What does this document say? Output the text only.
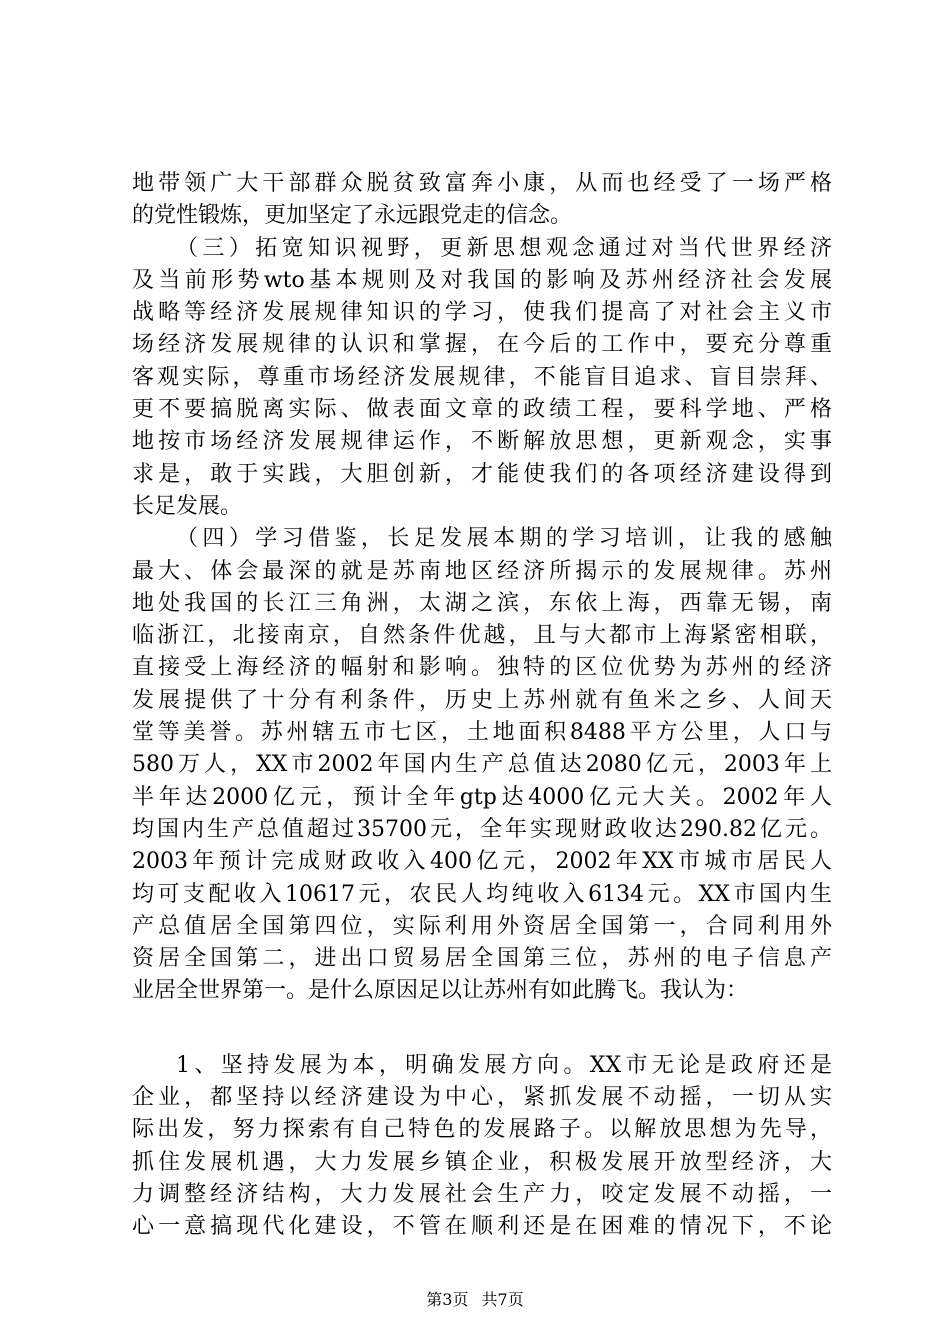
地带领广大干部群众脱贫致富奔小康，从而也经受了一场严格
的党性锻炼，更加坚定了永远跟党走的信念。
（三）拓宽知识视野，更新思想观念通过对当代世界经济
及当前形势wto基本规则及对我国的影响及苏州经济社会发展
战略等经济发展规律知识的学习，使我们提高了对社会主义市
场经济发展规律的认识和掌握，在今后的工作中，要充分尊重
客观实际，尊重市场经济发展规律，不能盲目追求、盲目崇拜、
更不要搞脱离实际、做表面文章的政绩工程，要科学地、严格
地按市场经济发展规律运作，不断解放思想，更新观念，实事
求是，敢于实践，大胆创新，才能使我们的各项经济建设得到
长足发展。
（四）学习借鉴，长足发展本期的学习培训，让我的感触
最大、体会最深的就是苏南地区经济所揭示的发展规律。苏州
地处我国的长江三角洲，太湖之滨，东依上海，西靠无锡，南
临浙江，北接南京，自然条件优越，且与大都市上海紧密相联，
直接受上海经济的幅射和影响。独特的区位优势为苏州的经济
发展提供了十分有利条件，历史上苏州就有鱼米之乡、人间天
堂等美誉。苏州辖五市七区，土地面积8488平方公里，人口与
580万人，XX市2002年国内生产总值达2080亿元，2003年上
半年达2000亿元，预计全年gtp达4000亿元大关。2002年人
均国内生产总值超过35700元，全年实现财政收达290.82亿元。
2003年预计完成财政收入400亿元，2002年XX市城市居民人
均可支配收入10617元，农民人均纯收入6134元。XX市国内生
产总值居全国第四位，实际利用外资居全国第一，合同利用外
资居全国第二，进出口贸易居全国第三位，苏州的电子信息产
业居全世界第一。是什么原因足以让苏州有如此腾飞。我认为：
1、坚持发展为本，明确发展方向。XX市无论是政府还是
企业，都坚持以经济建设为中心，紧抓发展不动摇，一切从实
际出发，努力探索有自己特色的发展路子。以解放思想为先导，
抓住发展机遇，大力发展乡镇企业，积极发展开放型经济，大
力调整经济结构，大力发展社会生产力，咬定发展不动摇，一
心一意搞现代化建设，不管在顺利还是在困难的情况下，不论
第3页 共7页
